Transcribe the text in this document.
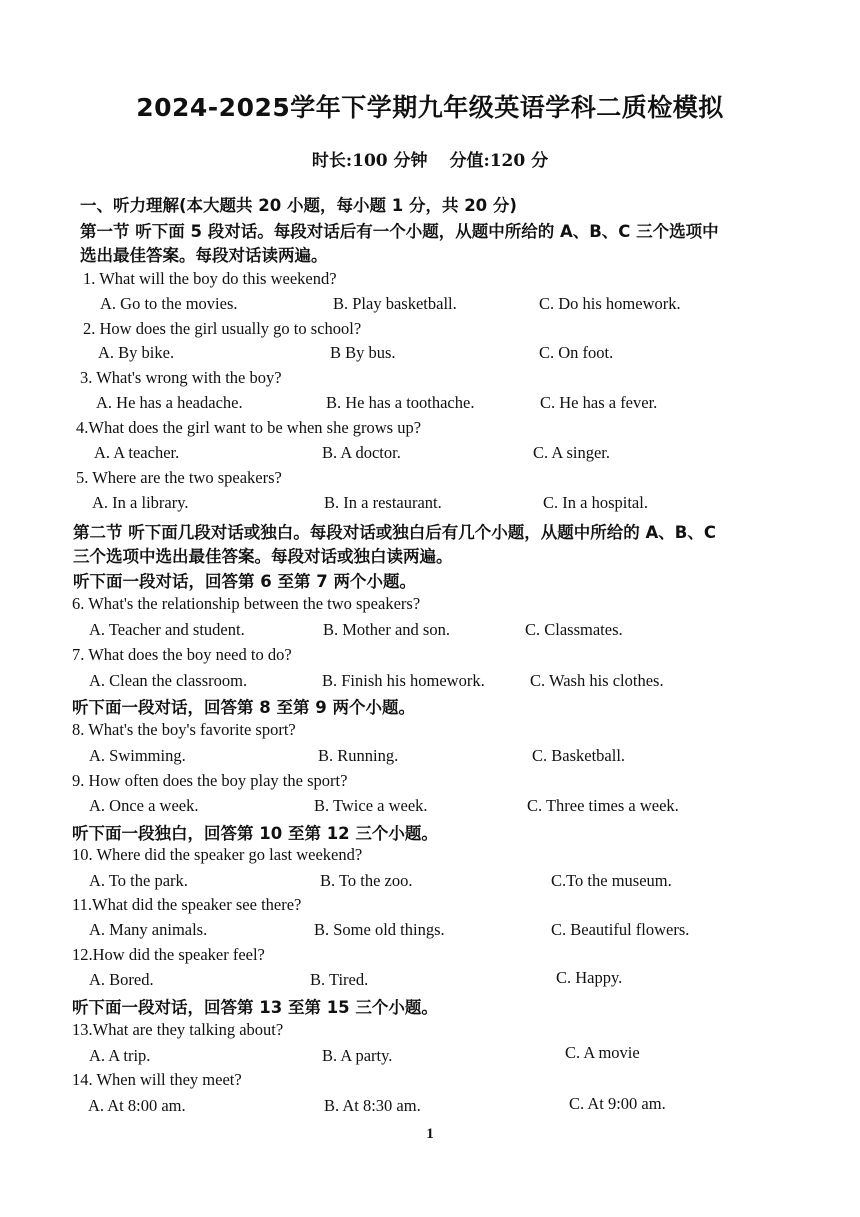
2024-2025学年下学期九年级英语学科二质检模拟
时长:100 分钟 分值:120 分
一、听力理解(本大题共 20 小题，每小题 1 分，共 20 分)
第一节 听下面 5 段对话。每段对话后有一个小题，从题中所给的 A、B、C 三个选项中
选出最佳答案。每段对话读两遍。
1. What will the boy do this weekend?
A. Go to the movies.	B. Play basketball.	C. Do his homework.
2. How does the girl usually go to school?
A. By bike.	B By bus.	C. On foot.
3. What's wrong with the boy?
A. He has a headache.	B. He has a toothache.	C. He has a fever.
4.What does the girl want to be when she grows up?
A. A teacher.	B. A doctor.	C. A singer.
5. Where are the two speakers?
A. In a library.	B. In a restaurant.	C. In a hospital.
第二节 听下面几段对话或独白。每段对话或独白后有几个小题，从题中所给的 A、B、C
三个选项中选出最佳答案。每段对话或独白读两遍。
听下面一段对话，回答第 6 至第 7 两个小题。
6. What's the relationship between the two speakers?
A. Teacher and student.	B. Mother and son.	C. Classmates.
7. What does the boy need to do?
A. Clean the classroom.	B. Finish his homework.	C. Wash his clothes.
听下面一段对话，回答第 8 至第 9 两个小题。
8. What's the boy's favorite sport?
A. Swimming.	B. Running.	C. Basketball.
9. How often does the boy play the sport?
A. Once a week.	B. Twice a week.	C. Three times a week.
听下面一段独白，回答第 10 至第 12 三个小题。
10. Where did the speaker go last weekend?
A. To the park.	B. To the zoo.	C.To the museum.
11.What did the speaker see there?
A. Many animals.	B. Some old things.	C. Beautiful flowers.
12.How did the speaker feel?
A. Bored.	B. Tired.	C. Happy.
听下面一段对话，回答第 13 至第 15 三个小题。
13.What are they talking about?
A. A trip.	B. A party.	C. A movie
14. When will they meet?
A. At 8:00 am.	B. At 8:30 am.	C. At 9:00 am.
1
